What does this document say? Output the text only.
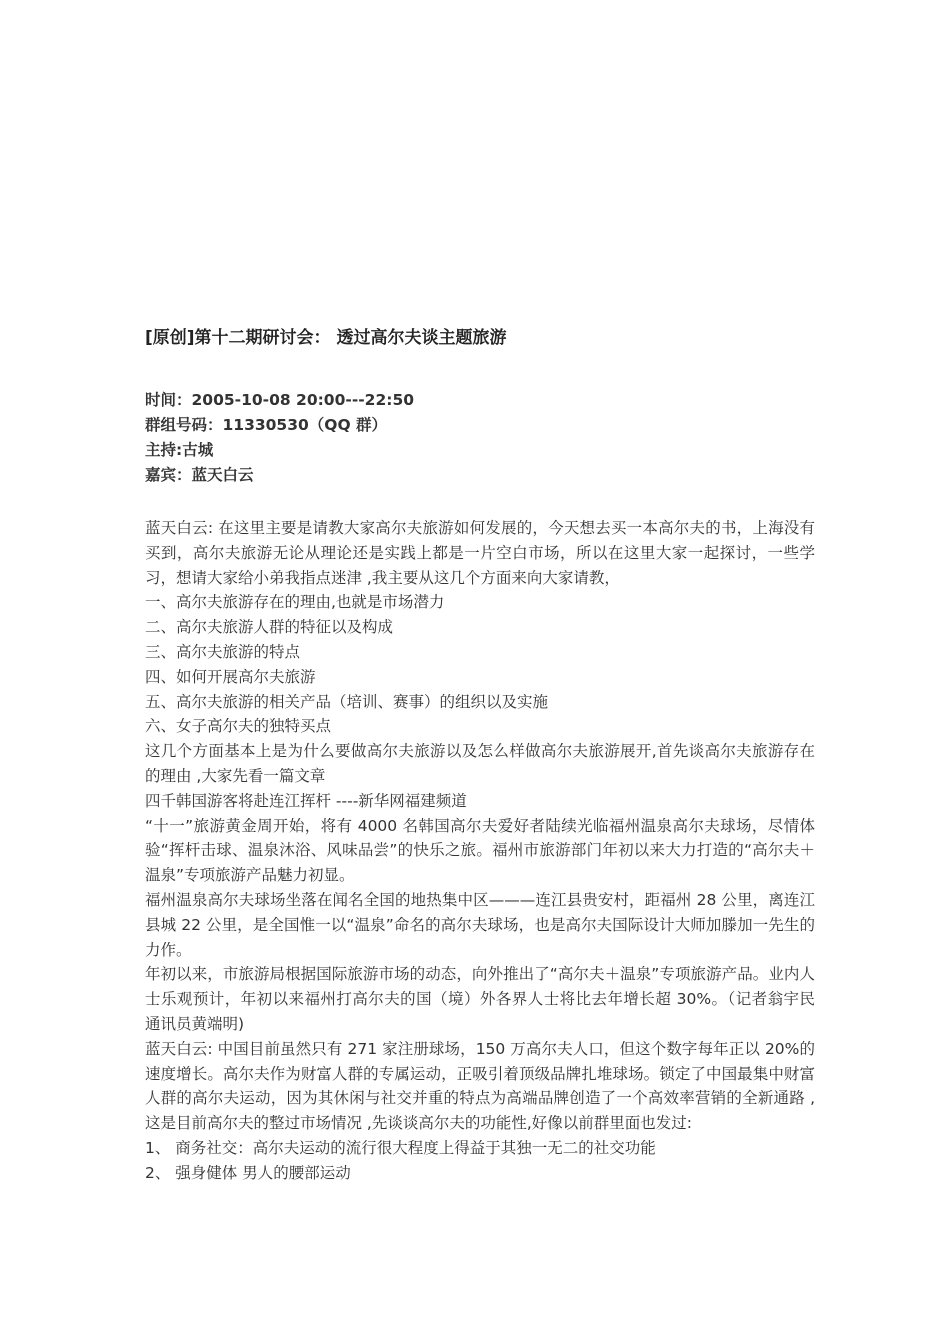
[原创]第十二期研讨会： 透过高尔夫谈主题旅游
时间：2005-10-08 20:00---22:50
群组号码：11330530（QQ 群）
主持:古城
嘉宾：蓝天白云

蓝天白云: 在这里主要是请教大家高尔夫旅游如何发展的，今天想去买一本高尔夫的书，上海没有买到，高尔夫旅游无论从理论还是实践上都是一片空白市场，所以在这里大家一起探讨，一些学习，想请大家给小弟我指点迷津 ,我主要从这几个方面来向大家请教，

一、高尔夫旅游存在的理由,也就是市场潜力

二、高尔夫旅游人群的特征以及构成

三、高尔夫旅游的特点

四、如何开展高尔夫旅游

五、高尔夫旅游的相关产品（培训、赛事）的组织以及实施

六、女子高尔夫的独特买点

这几个方面基本上是为什么要做高尔夫旅游以及怎么样做高尔夫旅游展开,首先谈高尔夫旅游存在的理由 ,大家先看一篇文章

四千韩国游客将赴连江挥杆 ----新华网福建频道

“十一”旅游黄金周开始，将有 4000 名韩国高尔夫爱好者陆续光临福州温泉高尔夫球场，尽情体验“挥杆击球、温泉沐浴、风味品尝”的快乐之旅。福州市旅游部门年初以来大力打造的“高尔夫＋温泉”专项旅游产品魅力初显。

福州温泉高尔夫球场坐落在闻名全国的地热集中区———连江县贵安村，距福州 28 公里，离连江县城 22 公里，是全国惟一以“温泉”命名的高尔夫球场，也是高尔夫国际设计大师加滕加一先生的力作。

年初以来，市旅游局根据国际旅游市场的动态，向外推出了“高尔夫＋温泉”专项旅游产品。业内人士乐观预计，年初以来福州打高尔夫的国（境）外各界人士将比去年增长超 30%。（记者翁宇民　通讯员黄端明)

蓝天白云: 中国目前虽然只有 271 家注册球场，150 万高尔夫人口，但这个数字每年正以 20%的速度增长。高尔夫作为财富人群的专属运动，正吸引着顶级品牌扎堆球场。锁定了中国最集中财富人群的高尔夫运动，因为其休闲与社交并重的特点为高端品牌创造了一个高效率营销的全新通路 ,这是目前高尔夫的整过市场情况 ,先谈谈高尔夫的功能性,好像以前群里面也发过:

1、 商务社交：高尔夫运动的流行很大程度上得益于其独一无二的社交功能

2、 强身健体 男人的腰部运动
